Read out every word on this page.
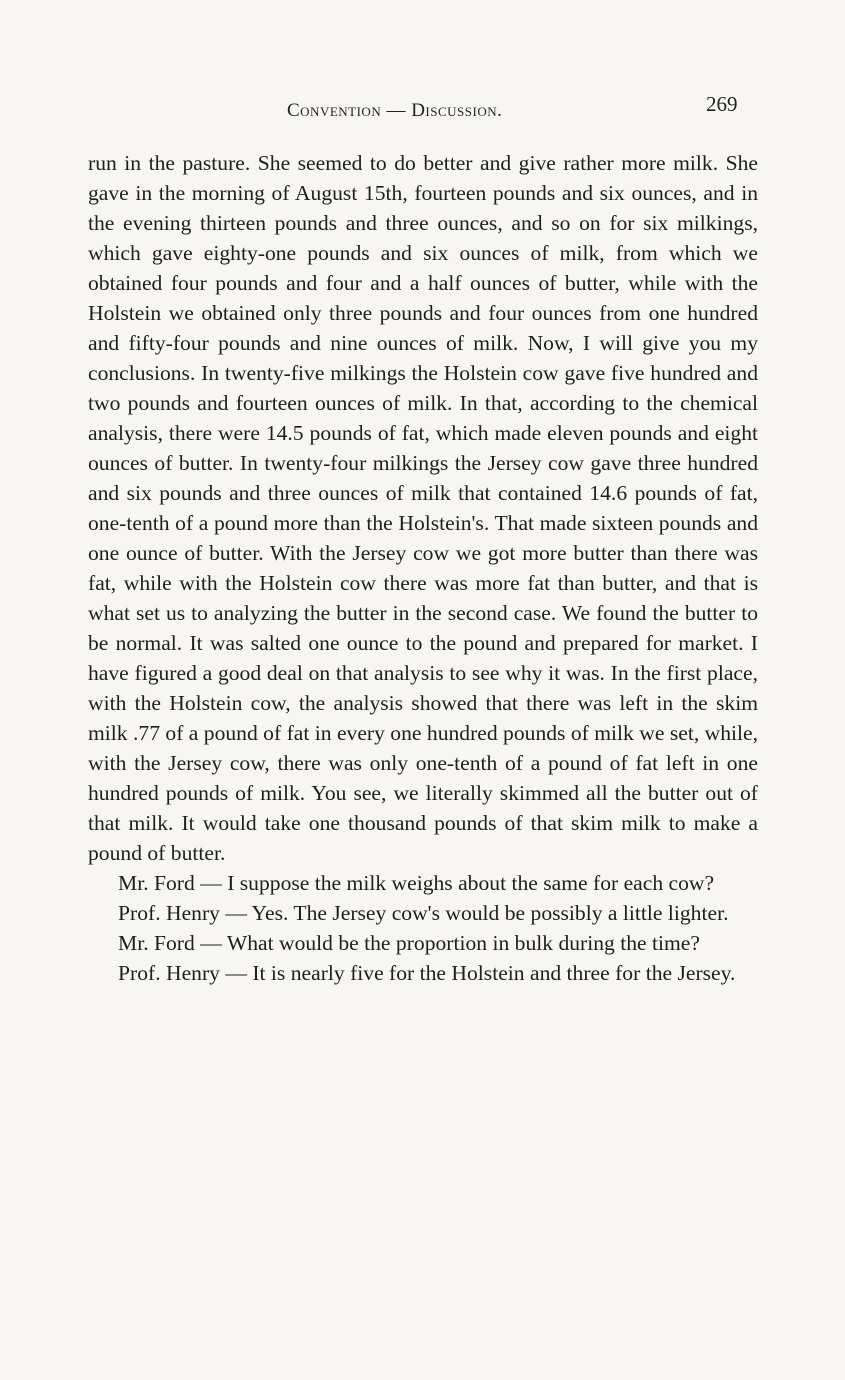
Convention — Discussion.	269

run in the pasture. She seemed to do better and give rather more milk. She gave in the morning of August 15th, fourteen pounds and six ounces, and in the evening thirteen pounds and three ounces, and so on for six milkings, which gave eighty-one pounds and six ounces of milk, from which we obtained four pounds and four and a half ounces of butter, while with the Holstein we obtained only three pounds and four ounces from one hundred and fifty-four pounds and nine ounces of milk. Now, I will give you my conclusions. In twenty-five milkings the Holstein cow gave five hundred and two pounds and fourteen ounces of milk. In that, according to the chemical analysis, there were 14.5 pounds of fat, which made eleven pounds and eight ounces of butter. In twenty-four milkings the Jersey cow gave three hundred and six pounds and three ounces of milk that contained 14.6 pounds of fat, one-tenth of a pound more than the Holstein's. That made sixteen pounds and one ounce of butter. With the Jersey cow we got more butter than there was fat, while with the Holstein cow there was more fat than butter, and that is what set us to analyzing the butter in the second case. We found the butter to be normal. It was salted one ounce to the pound and prepared for market. I have figured a good deal on that analysis to see why it was. In the first place, with the Holstein cow, the analysis showed that there was left in the skim milk .77 of a pound of fat in every one hundred pounds of milk we set, while, with the Jersey cow, there was only one-tenth of a pound of fat left in one hundred pounds of milk. You see, we literally skimmed all the butter out of that milk. It would take one thousand pounds of that skim milk to make a pound of butter.

Mr. Ford — I suppose the milk weighs about the same for each cow?

Prof. Henry — Yes. The Jersey cow's would be possibly a little lighter.

Mr. Ford — What would be the proportion in bulk during the time?

Prof. Henry — It is nearly five for the Holstein and three for the Jersey.
